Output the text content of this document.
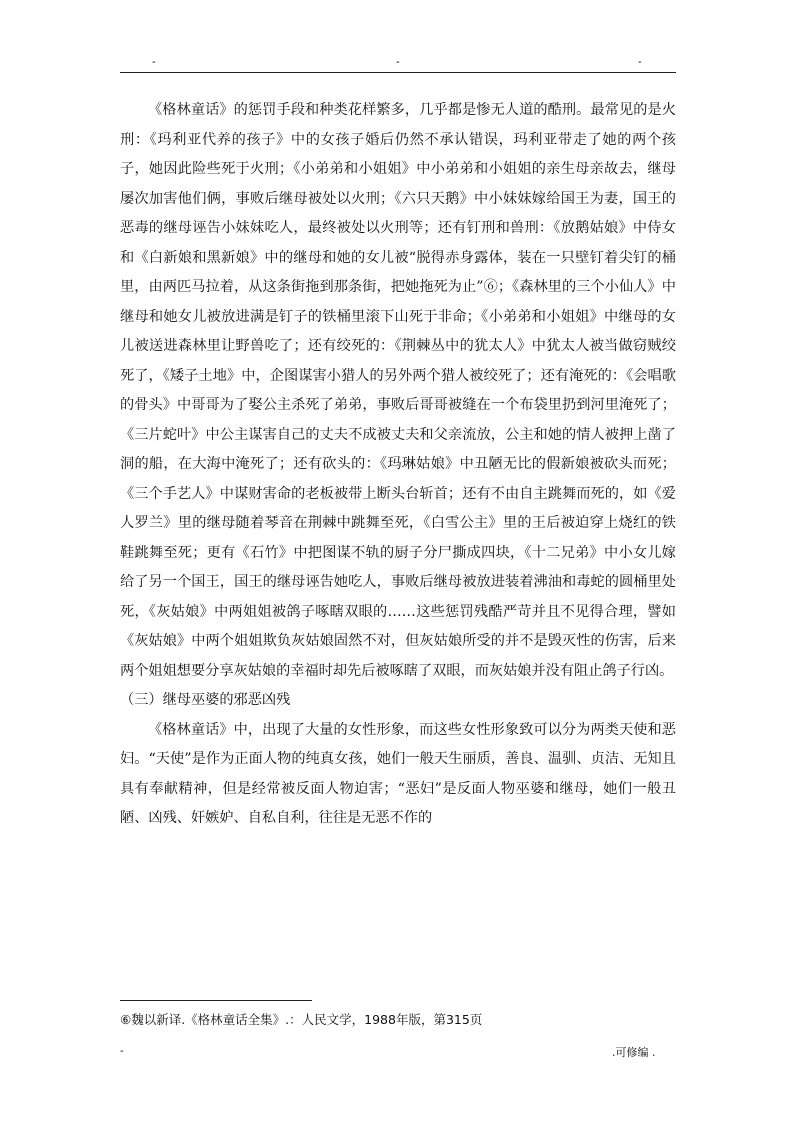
-	-	-

《格林童话》的惩罚手段和种类花样繁多，几乎都是惨无人道的酷刑。最常见的是火刑：《玛利亚代养的孩子》中的女孩子婚后仍然不承认错误，玛利亚带走了她的两个孩子，她因此险些死于火刑；《小弟弟和小姐姐》中小弟弟和小姐姐的亲生母亲故去，继母屡次加害他们俩，事败后继母被处以火刑；《六只天鹅》中小妹妹嫁给国王为妻，国王的恶毒的继母诬告小妹妹吃人，最终被处以火刑等；还有钉刑和兽刑：《放鹅姑娘》中侍女和《白新娘和黑新娘》中的继母和她的女儿被“脱得赤身露体，装在一只壁钉着尖钉的桶里，由两匹马拉着，从这条街拖到那条街，把她拖死为止”⑥；《森林里的三个小仙人》中继母和她女儿被放进满是钉子的铁桶里滚下山死于非命；《小弟弟和小姐姐》中继母的女儿被送进森林里让野兽吃了；还有绞死的：《荆棘丛中的犹太人》中犹太人被当做窃贼绞死了，《矮子土地》中，企图谋害小猎人的另外两个猎人被绞死了；还有淹死的：《会唱歌的骨头》中哥哥为了娶公主杀死了弟弟，事败后哥哥被缝在一个布袋里扔到河里淹死了；《三片蛇叶》中公主谋害自己的丈夫不成被丈夫和父亲流放，公主和她的情人被押上凿了洞的船，在大海中淹死了；还有砍头的：《玛琳姑娘》中丑陋无比的假新娘被砍头而死；《三个手艺人》中谋财害命的老板被带上断头台斩首；还有不由自主跳舞而死的，如《爱人罗兰》里的继母随着琴音在荆棘中跳舞至死，《白雪公主》里的王后被迫穿上烧红的铁鞋跳舞至死；更有《石竹》中把图谋不轨的厨子分尸撕成四块，《十二兄弟》中小女儿嫁给了另一个国王，国王的继母诬告她吃人，事败后继母被放进装着沸油和毒蛇的圆桶里处死，《灰姑娘》中两姐姐被鸽子啄瞎双眼的……这些惩罚残酷严苛并且不见得合理，譬如《灰姑娘》中两个姐姐欺负灰姑娘固然不对，但灰姑娘所受的并不是毁灭性的伤害，后来两个姐姐想要分享灰姑娘的幸福时却先后被啄瞎了双眼，而灰姑娘并没有阻止鸽子行凶。

（三）继母巫婆的邪恶凶残

《格林童话》中，出现了大量的女性形象，而这些女性形象致可以分为两类天使和恶妇。“天使”是作为正面人物的纯真女孩，她们一般天生丽质，善良、温驯、贞洁、无知且具有奉献精神，但是经常被反面人物迫害；“恶妇”是反面人物巫婆和继母，她们一般丑陋、凶残、奸嫉妒、自私自利，往往是无恶不作的

⑥魏以新译.《格林童话全集》.：人民文学，1988年版，第315页
-	.可修编 .
